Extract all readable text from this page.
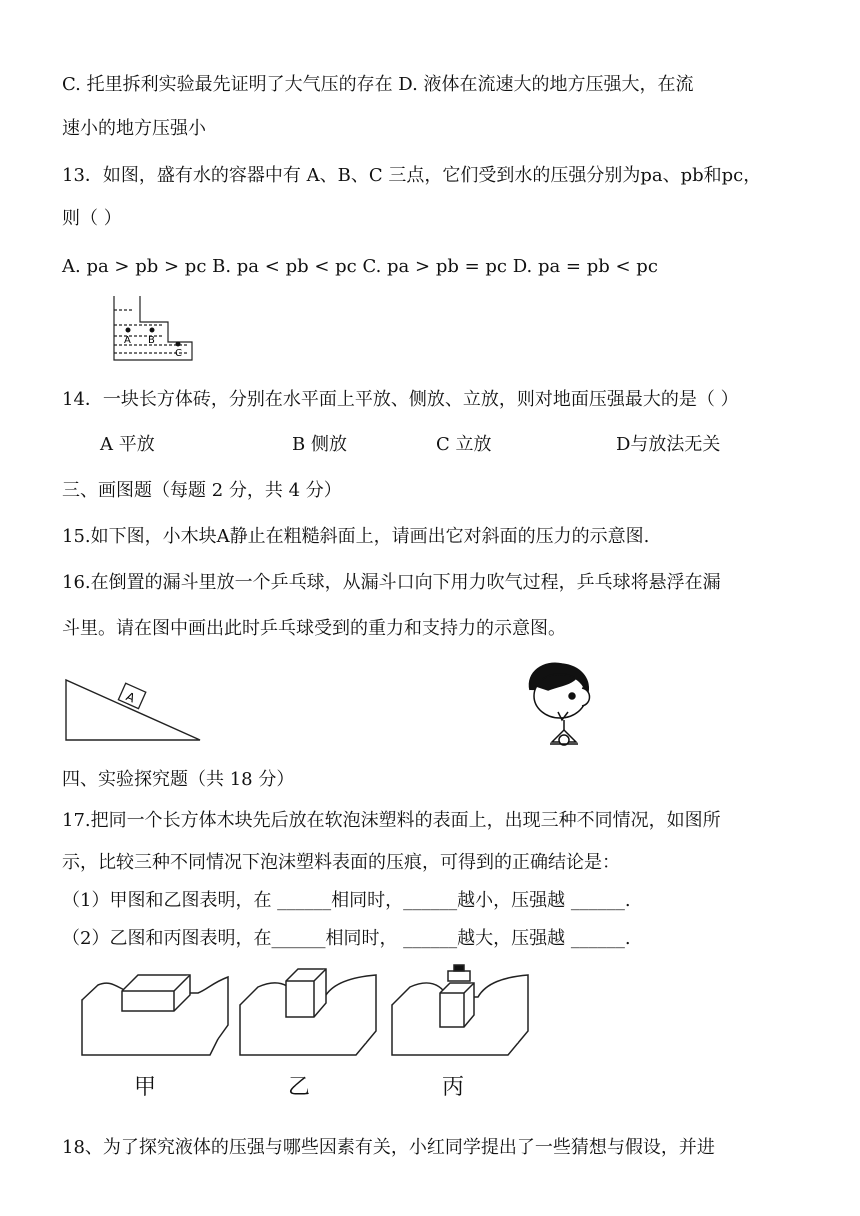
C. 托里拆利实验最先证明了大气压的存在 D. 液体在流速大的地方压强大，在流
速小的地方压强小
13．如图，盛有水的容器中有 A、B、C 三点，它们受到水的压强分别为pa、pb和pc，
则（ ）
A. pa > pb > pc B. pa < pb < pc C. pa > pb = pc D. pa = pb < pc
A B
C
14．一块长方体砖，分别在水平面上平放、侧放、立放，则对地面压强最大的是（ ）
A 平放	B 侧放	C 立放	D与放法无关
三、画图题（每题 2 分，共 4 分）
15.如下图，小木块A静止在粗糙斜面上，请画出它对斜面的压力的示意图.
16.在倒置的漏斗里放一个乒乓球，从漏斗口向下用力吹气过程，乒乓球将悬浮在漏
斗里。请在图中画出此时乒乓球受到的重力和支持力的示意图。
A
四、实验探究题（共 18 分）
17.把同一个长方体木块先后放在软泡沫塑料的表面上，出现三种不同情况，如图所
示，比较三种不同情况下泡沫塑料表面的压痕，可得到的正确结论是：
（1）甲图和乙图表明，在 ______相同时，______越小，压强越 ______.
（2）乙图和丙图表明，在______相同时， ______越大，压强越 ______.
甲	乙	丙
18、为了探究液体的压强与哪些因素有关，小红同学提出了一些猜想与假设，并进
